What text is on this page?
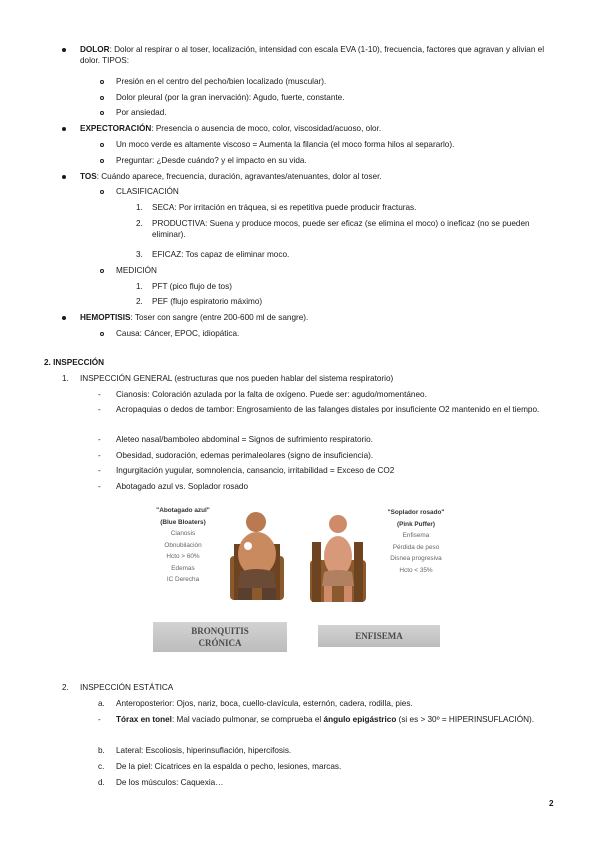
DOLOR: Dolor al respirar o al toser, localización, intensidad con escala EVA (1-10), frecuencia, factores que agravan y alivian el dolor. TIPOS:
Presión en el centro del pecho/bien localizado (muscular).
Dolor pleural (por la gran inervación): Agudo, fuerte, constante.
Por ansiedad.
EXPECTORACIÓN: Presencia o ausencia de moco, color, viscosidad/acuoso, olor.
Un moco verde es altamente viscoso = Aumenta la filancia (el moco forma hilos al separarlo).
Preguntar: ¿Desde cuándo? y el impacto en su vida.
TOS: Cuándo aparece, frecuencia, duración, agravantes/atenuantes, dolor al toser.
CLASIFICACIÓN
1. SECA: Por irritación en tráquea, si es repetitiva puede producir fracturas.
2. PRODUCTIVA: Suena y produce mocos, puede ser eficaz (se elimina el moco) o ineficaz (no se pueden eliminar).
3. EFICAZ: Tos capaz de eliminar moco.
MEDICIÓN
1. PFT (pico flujo de tos)
2. PEF (flujo espiratorio máximo)
HEMOPTISIS: Toser con sangre (entre 200-600 ml de sangre).
Causa: Cáncer, EPOC, idiopática.
2. INSPECCIÓN
1. INSPECCIÓN GENERAL (estructuras que nos pueden hablar del sistema respiratorio)
- Cianosis: Coloración azulada por la falta de oxígeno. Puede ser: agudo/momentáneo.
- Acropaquias o dedos de tambor: Engrosamiento de las falanges distales por insuficiente O2 mantenido en el tiempo.
- Aleteo nasal/bamboleo abdominal = Signos de sufrimiento respiratorio.
- Obesidad, sudoración, edemas perimaleolares (signo de insuficiencia).
- Ingurgitación yugular, somnolencia, cansancio, irritabilidad = Exceso de CO2
- Abotagado azul vs. Soplador rosado
"Abotagado azul"
(Blue Bloaters)
Cianosis
Obnubilación
Hcto > 60%
Edemas
IC Derecha
BRONQUITIS
CRÓNICA
"Soplador rosado"
(Pink Puffer)
Enfisema
Pérdida de peso
Disnea progresiva
Hcto < 35%
ENFISEMA
2. INSPECCIÓN ESTÁTICA
a. Anteroposterior: Ojos, nariz, boca, cuello-clavícula, esternón, cadera, rodilla, pies.
- Tórax en tonel: Mal vaciado pulmonar, se comprueba el ángulo epigástrico (si es > 30º = HIPERINSUFLACIÓN).
b. Lateral: Escoliosis, hiperinsuflación, hipercifosis.
c. De la piel: Cicatrices en la espalda o pecho, lesiones, marcas.
d. De los músculos: Caquexia…
2
